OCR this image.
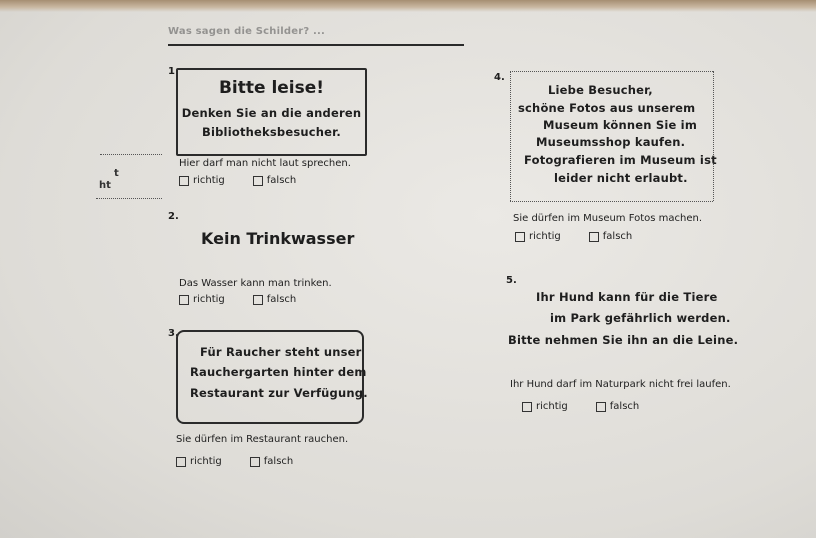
Was sagen die Schilder? ...
t
ht
1.
Bitte leise!
Denken Sie an die anderen
Bibliotheksbesucher.
Hier darf man nicht laut sprechen.
richtig	falsch
2.
Kein Trinkwasser
Das Wasser kann man trinken.
richtig	falsch
3.
Für Raucher steht unser
Rauchergarten hinter dem
Restaurant zur Verfügung.
Sie dürfen im Restaurant rauchen.
richtig	falsch
4.
Liebe Besucher,
schöne Fotos aus unserem
Museum können Sie im
Museumsshop kaufen.
Fotografieren im Museum ist
leider nicht erlaubt.
Sie dürfen im Museum Fotos machen.
richtig	falsch
5.
Ihr Hund kann für die Tiere
im Park gefährlich werden.
Bitte nehmen Sie ihn an die Leine.
Ihr Hund darf im Naturpark nicht frei laufen.
richtig	falsch
